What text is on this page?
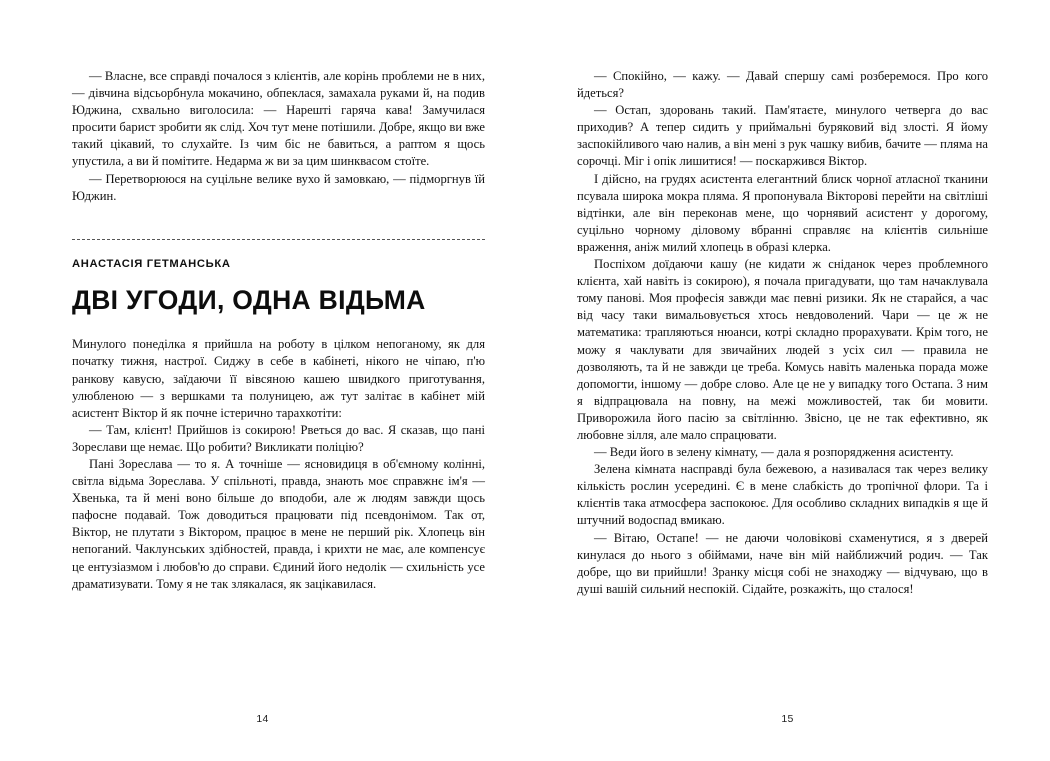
— Власне, все справді почалося з клієнтів, але корінь проблеми не в них, — дівчина відсьорбнула мокачино, обпеклася, замахала руками й, на подив Юджина, схвально виголосила: — Нарешті гаряча кава! Замучилася просити барист зробити як слід. Хоч тут мене потішили. Добре, якщо ви вже такий цікавий, то слухайте. Із чим біс не бавиться, а раптом я щось упустила, а ви й помітите. Недарма ж ви за цим шинквасом стоїте.

— Перетворююся на суцільне велике вухо й замовкаю, — підморгнув їй Юджин.

АНАСТАСІЯ ГЕТМАНСЬКА
ДВІ УГОДИ, ОДНА ВІДЬМА

Минулого понеділка я прийшла на роботу в цілком непоганому, як для початку тижня, настрої. Сиджу в себе в кабінеті, нікого не чіпаю, п'ю ранкову кавусю, заїдаючи її вівсяною кашею швидкого приготування, улюбленою — з вершками та полуницею, аж тут залітає в кабінет мій асистент Віктор й як почне істерично тараxкотіти:

— Там, клієнт! Прийшов із сокирою! Рветься до вас. Я сказав, що пані Зореслави ще немає. Що робити? Викликати поліцію?

Пані Зореслава — то я. А точніше — ясновидиця в об'ємному колінні, світла відьма Зореслава. У спільноті, правда, знають моє справжнє ім'я — Хвенька, та й мені воно більше до вподоби, але ж людям завжди щось пафосне подавай. Тож доводиться працювати під псевдонімом. Так от, Віктор, не плутати з Віктором, працює в мене не перший рік. Хлопець він непоганий. Чаклунських здібностей, правда, і крихти не має, але компенсує це ентузіазмом і любов'ю до справи. Єдиний його недолік — схильність усе драматизувати. Тому я не так злякалася, як зацікавилася.

14

— Спокійно, — кажу. — Давай спершу самі розберемося. Про кого йдеться?

— Остап, здоровань такий. Пам'ятаєте, минулого четверга до вас приходив? А тепер сидить у приймальні буряковий від злості. Я йому заспокійливого чаю налив, а він мені з рук чашку вибив, бачите — пляма на сорочці. Міг і опік лишитися! — поскаржився Віктор.

І дійсно, на грудях асистента елегантний блиск чорної атласної тканини псувала широка мокра пляма. Я пропонувала Вікторові перейти на світліші відтінки, але він переконав мене, що чорнявий асистент у дорогому, суцільно чорному діловому вбранні справляє на клієнтів сильніше враження, аніж милий хлопець в образі клерка.

Поспіхом доїдаючи кашу (не кидати ж сніданок через проблемного клієнта, хай навіть із сокирою), я почала пригадувати, що там начаклувала тому панові. Моя професія завжди має певні ризики. Як не старайся, а час від часу таки вимальовується хтось невдоволений. Чари — це ж не математика: трапляються нюанси, котрі складно прорахувати. Крім того, не можу я чаклувати для звичайних людей з усіх сил — правила не дозволяють, та й не завжди це треба. Комусь навіть маленька порада може допомогти, іншому — добре слово. Але це не у випадку того Остапа. З ним я відпрацювала на повну, на межі можливостей, так би мовити. Приворожила його пасію за світлінню. Звісно, це не так ефективно, як любовне зілля, але мало спрацювати.

— Веди його в зелену кімнату, — дала я розпорядження асистенту.

Зелена кімната насправді була бежевою, а називалася так через велику кількість рослин усередині. Є в мене слабкість до тропічної флори. Та і клієнтів така атмосфера заспокоює. Для особливо складних випадків я ще й штучний водоспад вмикаю.

— Вітаю, Остапе! — не даючи чоловікові схаменутися, я з дверей кинулася до нього з обіймами, наче він мій найближчий родич. — Так добре, що ви прийшли! Зранку місця собі не знаходжу — відчуваю, що в душі вашій сильний неспокій. Сідайте, розкажіть, що сталося!

15
